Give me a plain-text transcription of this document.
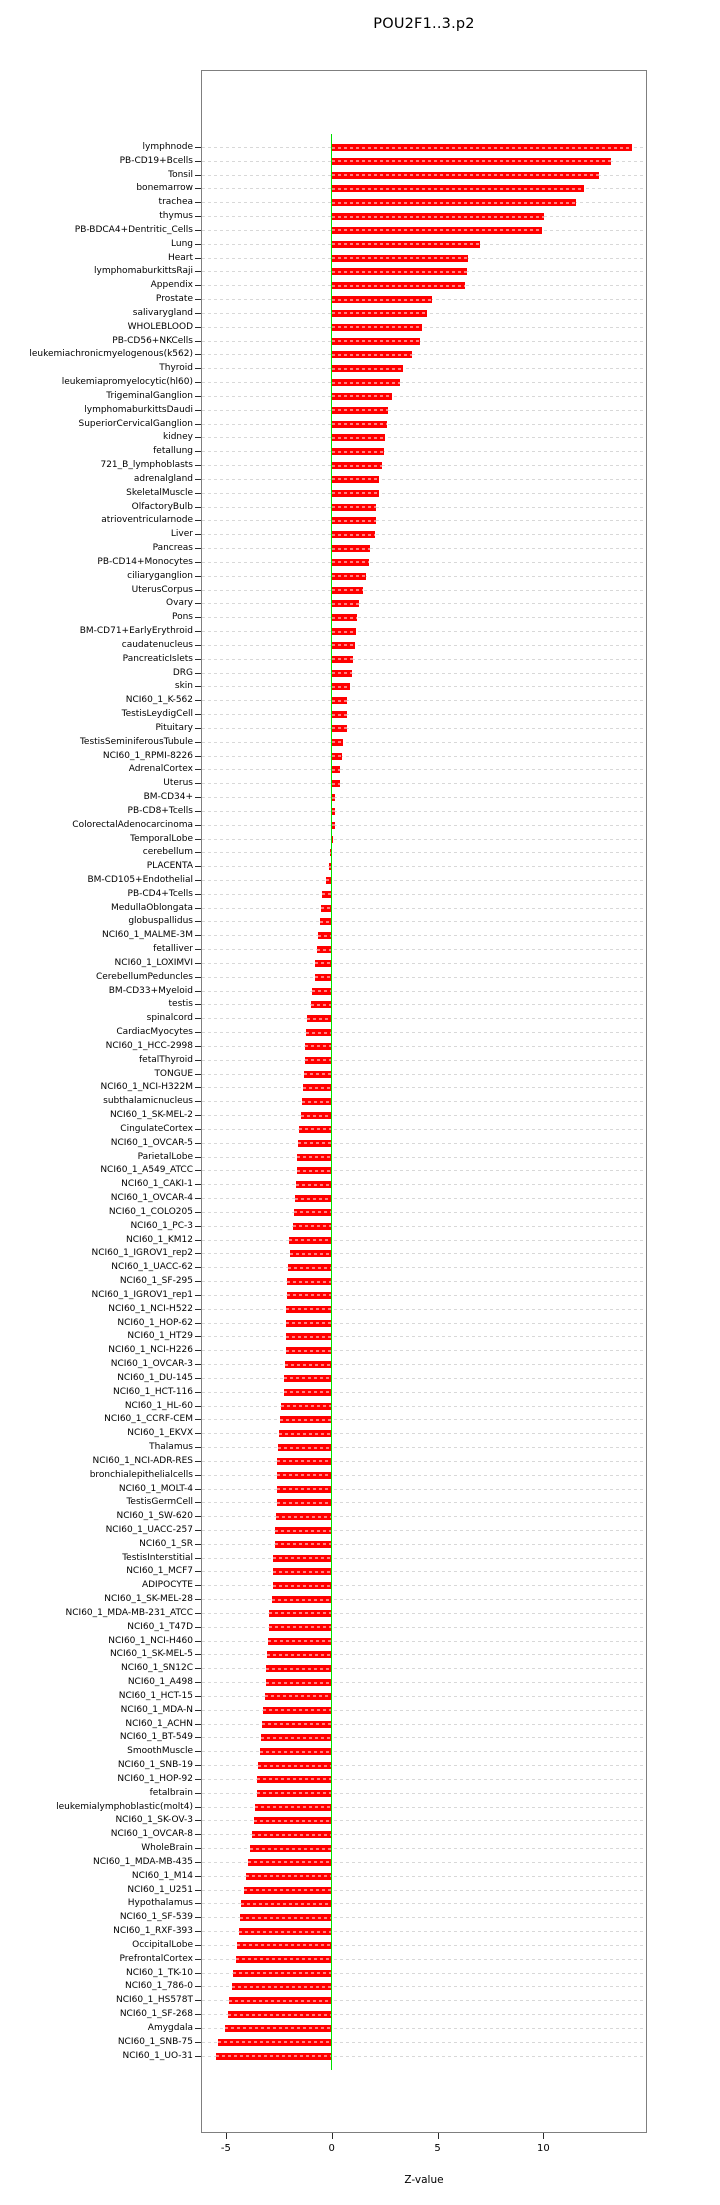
POU2F1..3.p2
lymphnode
PB-CD19+Bcells
Tonsil
bonemarrow
trachea
thymus
PB-BDCA4+Dentritic_Cells
Lung
Heart
lymphomaburkittsRaji
Appendix
Prostate
salivarygland
WHOLEBLOOD
PB-CD56+NKCells
leukemiachronicmyelogenous(k562)
Thyroid
leukemiapromyelocytic(hl60)
TrigeminalGanglion
lymphomaburkittsDaudi
SuperiorCervicalGanglion
kidney
fetallung
721_B_lymphoblasts
adrenalgland
SkeletalMuscle
OlfactoryBulb
atrioventricularnode
Liver
Pancreas
PB-CD14+Monocytes
ciliaryganglion
UterusCorpus
Ovary
Pons
BM-CD71+EarlyErythroid
caudatenucleus
PancreaticIslets
DRG
skin
NCI60_1_K-562
TestisLeydigCell
Pituitary
TestisSeminiferousTubule
NCI60_1_RPMI-8226
AdrenalCortex
Uterus
BM-CD34+
PB-CD8+Tcells
ColorectalAdenocarcinoma
TemporalLobe
cerebellum
PLACENTA
BM-CD105+Endothelial
PB-CD4+Tcells
MedullaOblongata
globuspallidus
NCI60_1_MALME-3M
fetalliver
NCI60_1_LOXIMVI
CerebellumPeduncles
BM-CD33+Myeloid
testis
spinalcord
CardiacMyocytes
NCI60_1_HCC-2998
fetalThyroid
TONGUE
NCI60_1_NCI-H322M
subthalamicnucleus
NCI60_1_SK-MEL-2
CingulateCortex
NCI60_1_OVCAR-5
ParietalLobe
NCI60_1_A549_ATCC
NCI60_1_CAKI-1
NCI60_1_OVCAR-4
NCI60_1_COLO205
NCI60_1_PC-3
NCI60_1_KM12
NCI60_1_IGROV1_rep2
NCI60_1_UACC-62
NCI60_1_SF-295
NCI60_1_IGROV1_rep1
NCI60_1_NCI-H522
NCI60_1_HOP-62
NCI60_1_HT29
NCI60_1_NCI-H226
NCI60_1_OVCAR-3
NCI60_1_DU-145
NCI60_1_HCT-116
NCI60_1_HL-60
NCI60_1_CCRF-CEM
NCI60_1_EKVX
Thalamus
NCI60_1_NCI-ADR-RES
bronchialepithelialcells
NCI60_1_MOLT-4
TestisGermCell
NCI60_1_SW-620
NCI60_1_UACC-257
NCI60_1_SR
TestisInterstitial
NCI60_1_MCF7
ADIPOCYTE
NCI60_1_SK-MEL-28
NCI60_1_MDA-MB-231_ATCC
NCI60_1_T47D
NCI60_1_NCI-H460
NCI60_1_SK-MEL-5
NCI60_1_SN12C
NCI60_1_A498
NCI60_1_HCT-15
NCI60_1_MDA-N
NCI60_1_ACHN
NCI60_1_BT-549
SmoothMuscle
NCI60_1_SNB-19
NCI60_1_HOP-92
fetalbrain
leukemialymphoblastic(molt4)
NCI60_1_SK-OV-3
NCI60_1_OVCAR-8
WholeBrain
NCI60_1_MDA-MB-435
NCI60_1_M14
NCI60_1_U251
Hypothalamus
NCI60_1_SF-539
NCI60_1_RXF-393
OccipitalLobe
PrefrontalCortex
NCI60_1_TK-10
NCI60_1_786-0
NCI60_1_HS578T
NCI60_1_SF-268
Amygdala
NCI60_1_SNB-75
NCI60_1_UO-31
-5	0	5	10
Z-value
